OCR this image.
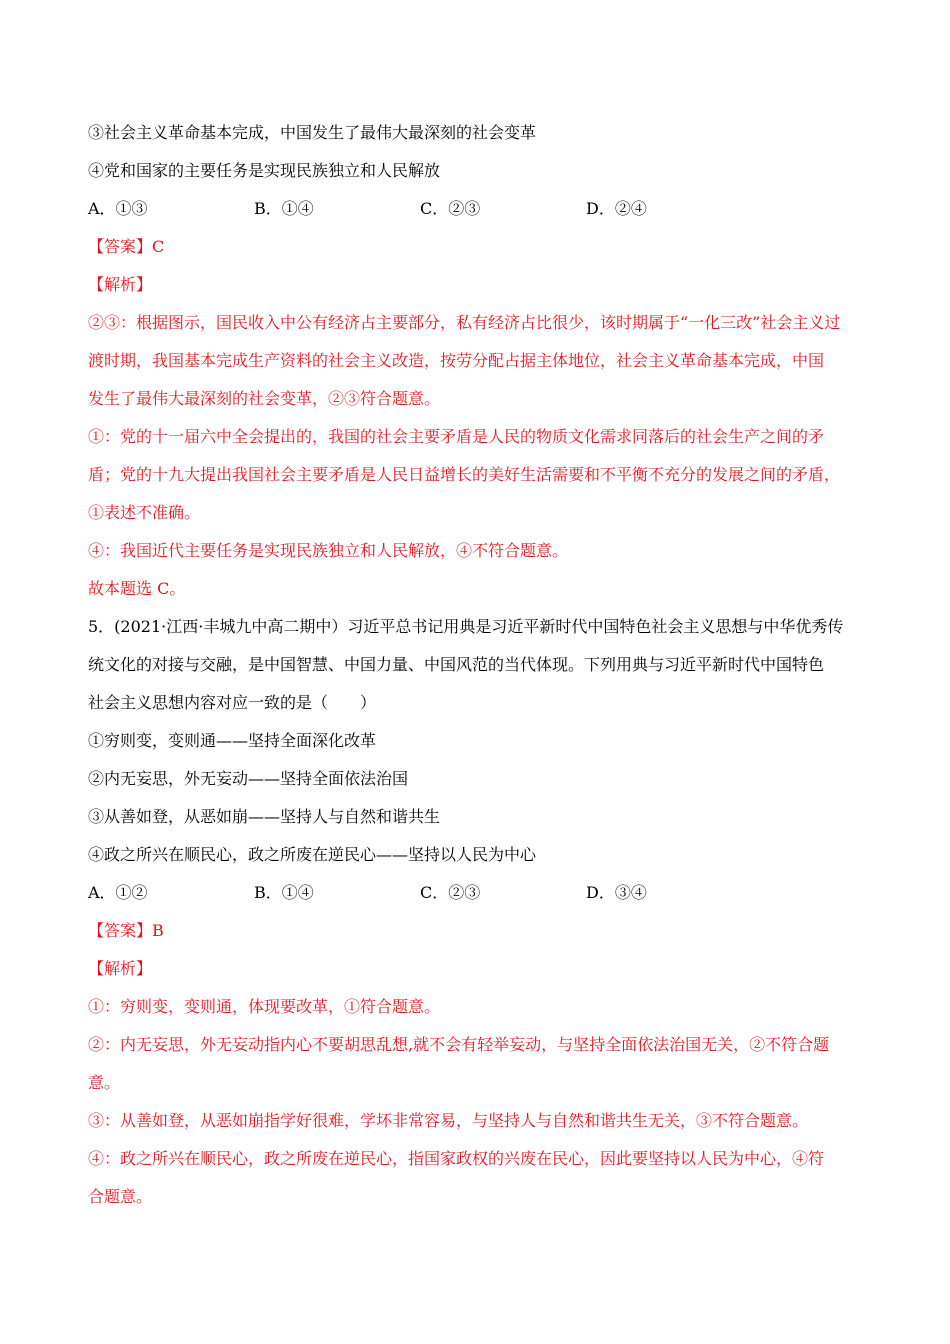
③社会主义革命基本完成，中国发生了最伟大最深刻的社会变革
④党和国家的主要任务是实现民族独立和人民解放
A．①③	B．①④	C．②③	D．②④
【答案】C
【解析】
②③：根据图示，国民收入中公有经济占主要部分，私有经济占比很少，该时期属于“一化三改”社会主义过
渡时期，我国基本完成生产资料的社会主义改造，按劳分配占据主体地位，社会主义革命基本完成，中国
发生了最伟大最深刻的社会变革，②③符合题意。
①：党的十一届六中全会提出的，我国的社会主要矛盾是人民的物质文化需求同落后的社会生产之间的矛
盾；党的十九大提出我国社会主要矛盾是人民日益增长的美好生活需要和不平衡不充分的发展之间的矛盾，
①表述不准确。
④：我国近代主要任务是实现民族独立和人民解放，④不符合题意。
故本题选 C。
5．(2021·江西·丰城九中高二期中）习近平总书记用典是习近平新时代中国特色社会主义思想与中华优秀传
统文化的对接与交融，是中国智慧、中国力量、中国风范的当代体现。下列用典与习近平新时代中国特色
社会主义思想内容对应一致的是（　　）
①穷则变，变则通——坚持全面深化改革
②内无妄思，外无妄动——坚持全面依法治国
③从善如登，从恶如崩——坚持人与自然和谐共生
④政之所兴在顺民心，政之所废在逆民心——坚持以人民为中心
A．①②	B．①④	C．②③	D．③④
【答案】B
【解析】
①：穷则变，变则通，体现要改革，①符合题意。
②：内无妄思，外无妄动指内心不要胡思乱想,就不会有轻举妄动，与坚持全面依法治国无关，②不符合题
意。
③：从善如登，从恶如崩指学好很难，学坏非常容易，与坚持人与自然和谐共生无关，③不符合题意。
④：政之所兴在顺民心，政之所废在逆民心，指国家政权的兴废在民心，因此要坚持以人民为中心，④符
合题意。
